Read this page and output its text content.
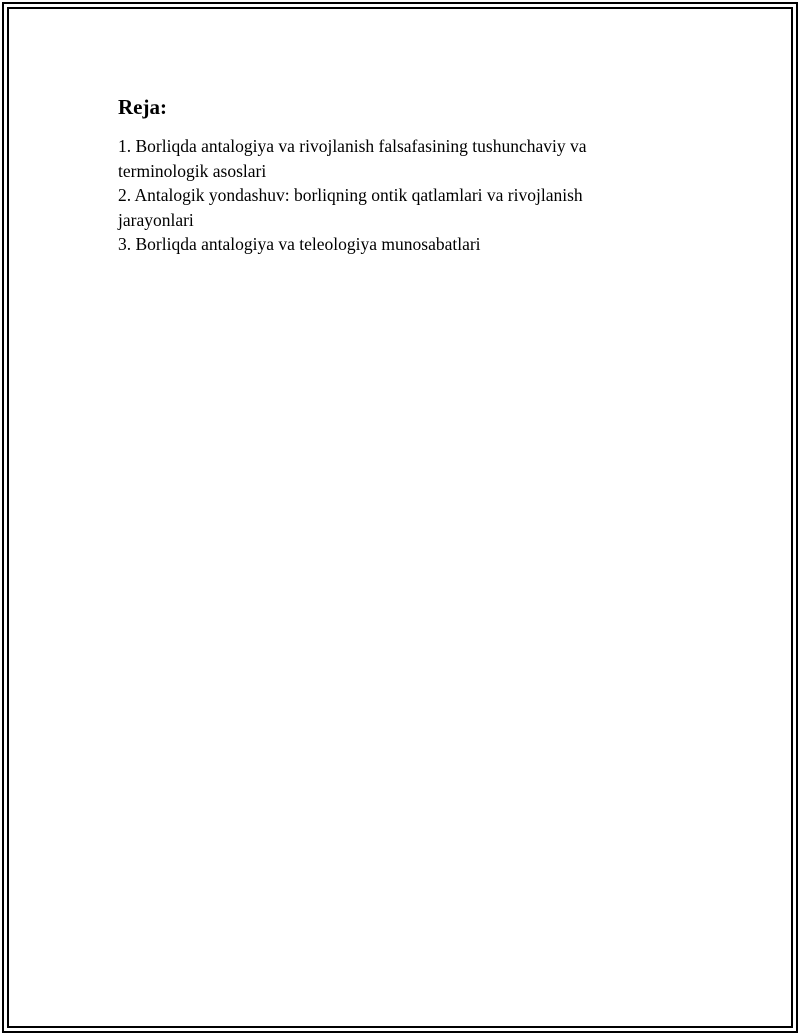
Reja:
1. Borliqda antalogiya va rivojlanish falsafasining tushunchaviy va terminologik asoslari
2. Antalogik yondashuv: borliqning ontik qatlamlari va rivojlanish jarayonlari
3. Borliqda antalogiya va teleologiya munosabatlari
